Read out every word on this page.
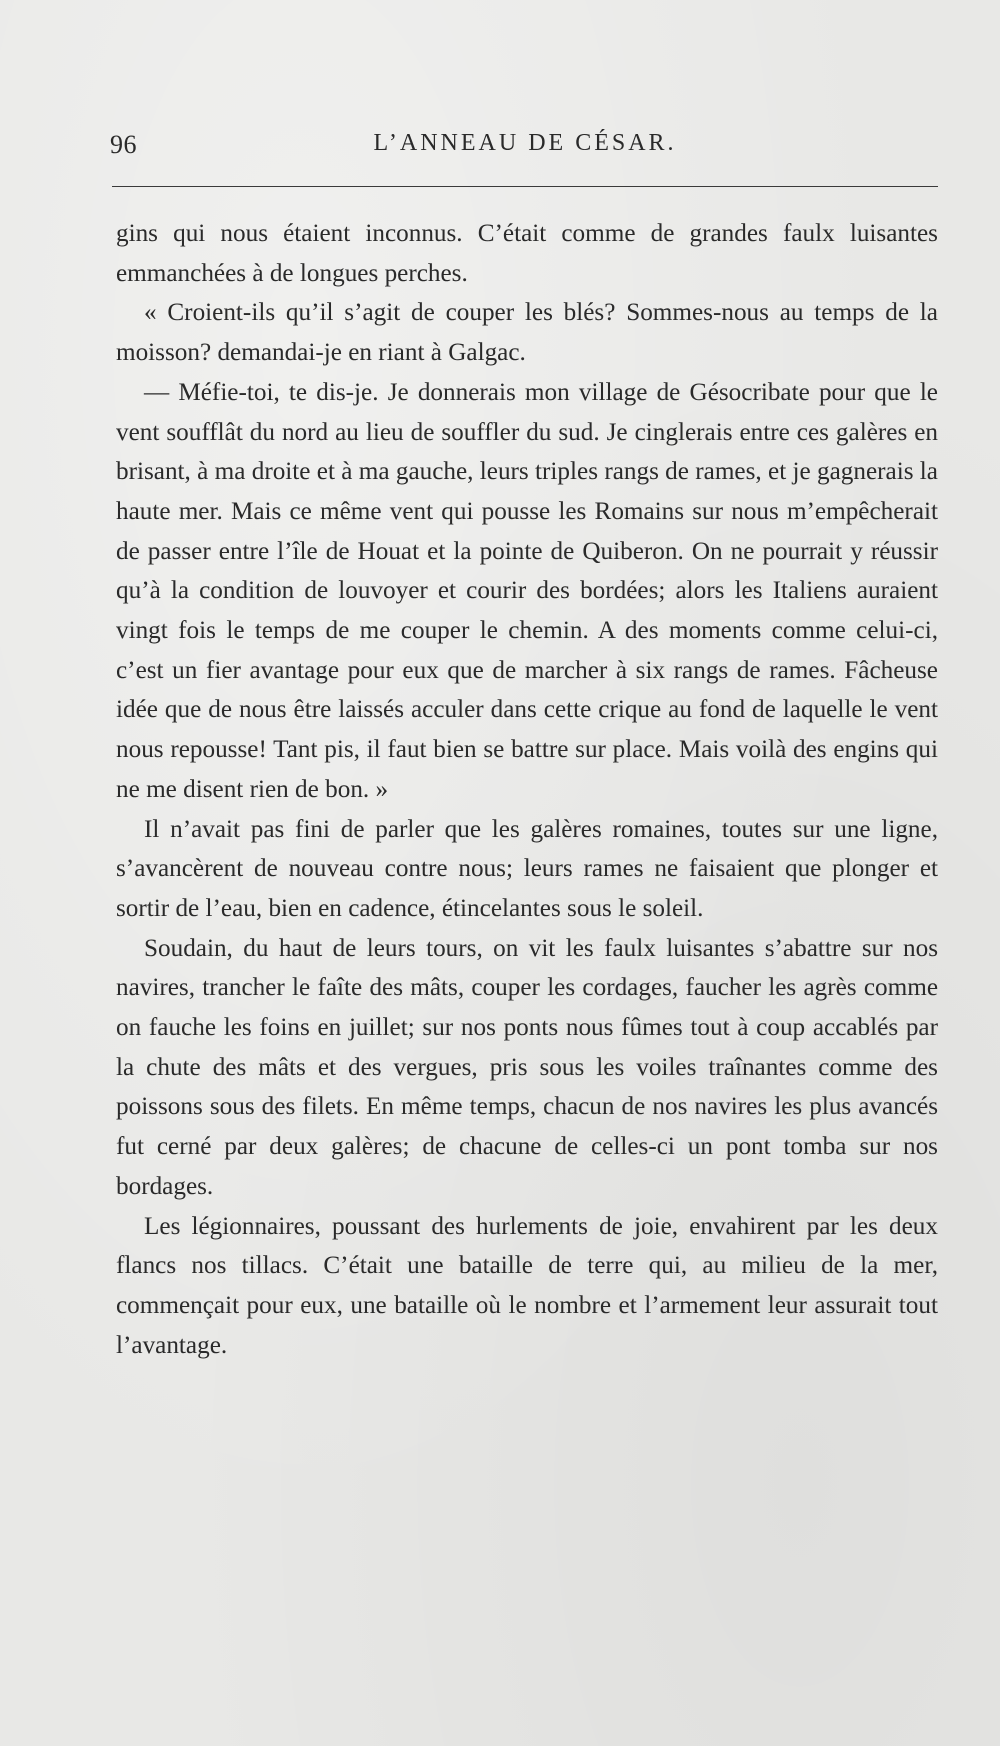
96	L’ANNEAU DE CÉSAR.

gins qui nous étaient inconnus. C’était comme de grandes faulx luisantes emmanchées à de longues perches.

« Croient-ils qu’il s’agit de couper les blés? Sommes-nous au temps de la moisson? demandai-je en riant à Galgac.

— Méfie-toi, te dis-je. Je donnerais mon village de Gésocribate pour que le vent soufflât du nord au lieu de souffler du sud. Je cinglerais entre ces galères en brisant, à ma droite et à ma gauche, leurs triples rangs de rames, et je gagnerais la haute mer. Mais ce même vent qui pousse les Romains sur nous m’empêcherait de passer entre l’île de Houat et la pointe de Quiberon. On ne pourrait y réussir qu’à la condition de louvoyer et courir des bordées; alors les Italiens auraient vingt fois le temps de me couper le chemin. A des moments comme celui-ci, c’est un fier avantage pour eux que de marcher à six rangs de rames. Fâcheuse idée que de nous être laissés acculer dans cette crique au fond de laquelle le vent nous repousse! Tant pis, il faut bien se battre sur place. Mais voilà des engins qui ne me disent rien de bon. »

Il n’avait pas fini de parler que les galères romaines, toutes sur une ligne, s’avancèrent de nouveau contre nous; leurs rames ne faisaient que plonger et sortir de l’eau, bien en cadence, étincelantes sous le soleil.

Soudain, du haut de leurs tours, on vit les faulx luisantes s’abattre sur nos navires, trancher le faîte des mâts, couper les cordages, faucher les agrès comme on fauche les foins en juillet; sur nos ponts nous fûmes tout à coup accablés par la chute des mâts et des vergues, pris sous les voiles traînantes comme des poissons sous des filets. En même temps, chacun de nos navires les plus avancés fut cerné par deux galères; de chacune de celles-ci un pont tomba sur nos bordages.

Les légionnaires, poussant des hurlements de joie, envahirent par les deux flancs nos tillacs. C’était une bataille de terre qui, au milieu de la mer, commençait pour eux, une bataille où le nombre et l’armement leur assurait tout l’avantage.
